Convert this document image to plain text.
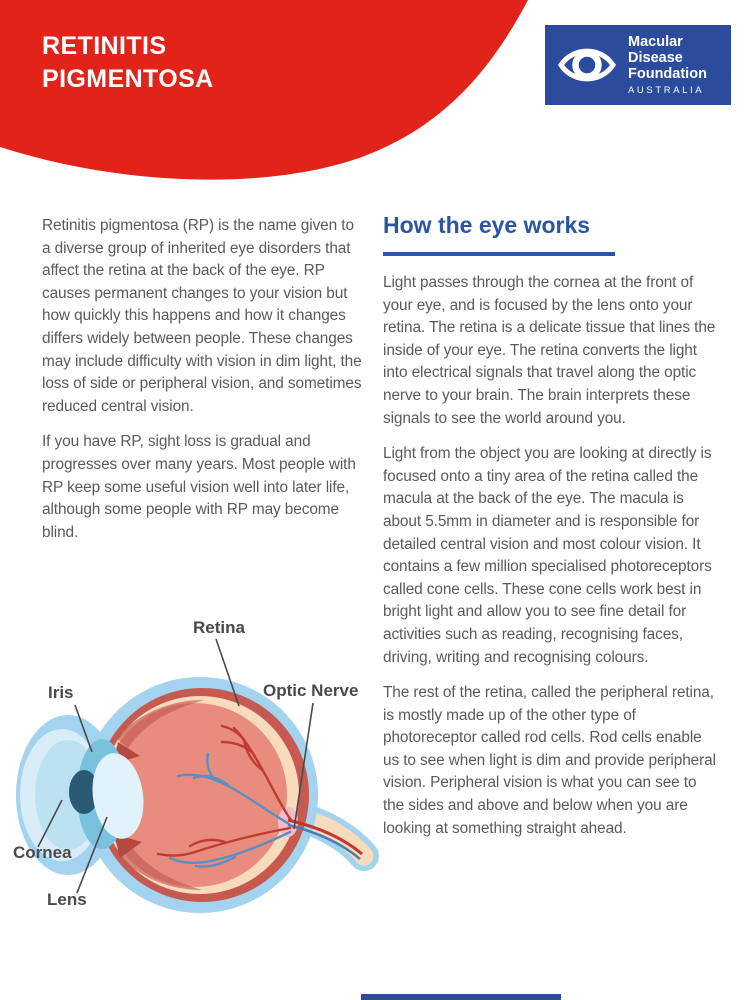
RETINITIS PIGMENTOSA
Macular
Disease
Foundation
AUSTRALIA

Retinitis pigmentosa (RP) is the name given to a diverse group of inherited eye disorders that affect the retina at the back of the eye. RP causes permanent changes to your vision but how quickly this happens and how it changes differs widely between people. These changes may include difficulty with vision in dim light, the loss of side or peripheral vision, and sometimes reduced central vision.

If you have RP, sight loss is gradual and progresses over many years. Most people with RP keep some useful vision well into later life, although some people with RP may become blind.

How the eye works

Light passes through the cornea at the front of your eye, and is focused by the lens onto your retina. The retina is a delicate tissue that lines the inside of your eye. The retina converts the light into electrical signals that travel along the optic nerve to your brain. The brain interprets these signals to see the world around you.

Light from the object you are looking at directly is focused onto a tiny area of the retina called the macula at the back of the eye. The macula is about 5.5mm in diameter and is responsible for detailed central vision and most colour vision. It contains a few million specialised photoreceptors called cone cells. These cone cells work best in bright light and allow you to see fine detail for activities such as reading, recognising faces, driving, writing and recognising colours.

The rest of the retina, called the peripheral retina, is mostly made up of the other type of photoreceptor called rod cells. Rod cells enable us to see when light is dim and provide peripheral vision. Peripheral vision is what you can see to the sides and above and below when you are looking at something straight ahead.

Retina
Iris	Optic Nerve
Cornea
Lens
